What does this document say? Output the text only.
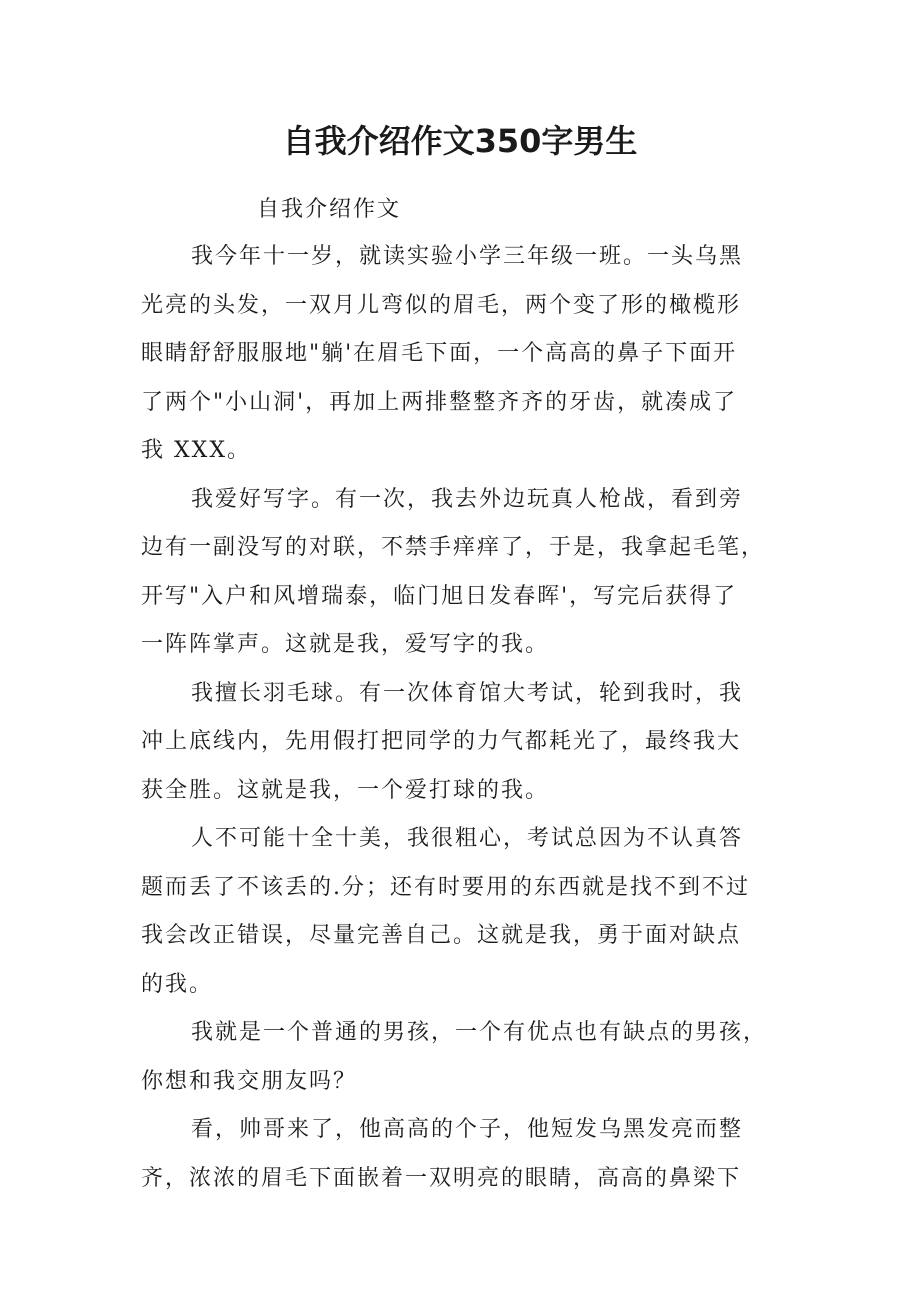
自我介绍作文350字男生
自我介绍作文

我今年十一岁，就读实验小学三年级一班。一头乌黑
光亮的头发，一双月儿弯似的眉毛，两个变了形的橄榄形
眼睛舒舒服服地"躺'在眉毛下面，一个高高的鼻子下面开
了两个"小山洞'，再加上两排整整齐齐的牙齿，就凑成了
我 XXX。

我爱好写字。有一次，我去外边玩真人枪战，看到旁
边有一副没写的对联，不禁手痒痒了，于是，我拿起毛笔，
开写"入户和风增瑞泰，临门旭日发春晖'，写完后获得了
一阵阵掌声。这就是我，爱写字的我。

我擅长羽毛球。有一次体育馆大考试，轮到我时，我
冲上底线内，先用假打把同学的力气都耗光了，最终我大
获全胜。这就是我，一个爱打球的我。

人不可能十全十美，我很粗心，考试总因为不认真答
题而丢了不该丢的.分；还有时要用的东西就是找不到不过
我会改正错误，尽量完善自己。这就是我，勇于面对缺点
的我。

我就是一个普通的男孩，一个有优点也有缺点的男孩，
你想和我交朋友吗？

看，帅哥来了，他高高的个子，他短发乌黑发亮而整
齐，浓浓的眉毛下面嵌着一双明亮的眼睛，高高的鼻梁下
